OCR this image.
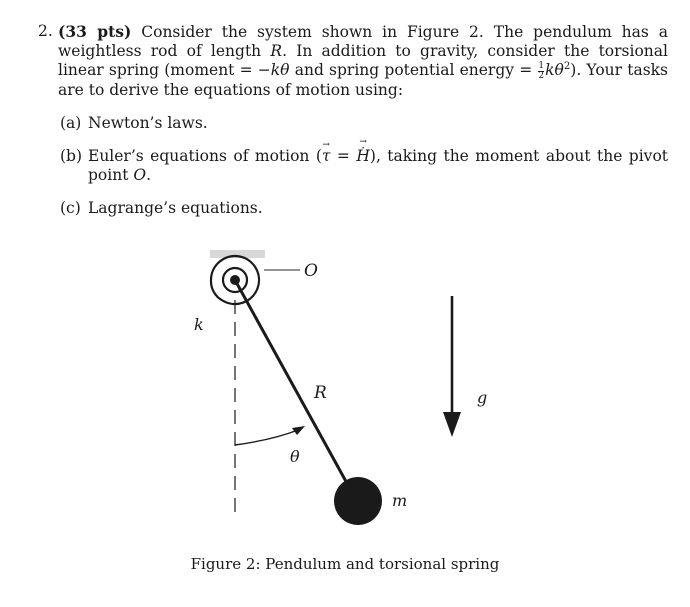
2. (33 pts) Consider the system shown in Figure 2. The pendulum has a weightless rod of length R. In addition to gravity, consider the torsional linear spring (moment = −kθ and spring potential energy = $\frac{1}{2} k\theta^2$). Your tasks are to derive the equations of motion using:
(a) Newton’s laws.
(b) Euler’s equations of motion (τ → = · H →), taking the moment about the pivot point O.
(c) Lagrange’s equations.
O
k
R
θ
m
g
Figure 2: Pendulum and torsional spring
